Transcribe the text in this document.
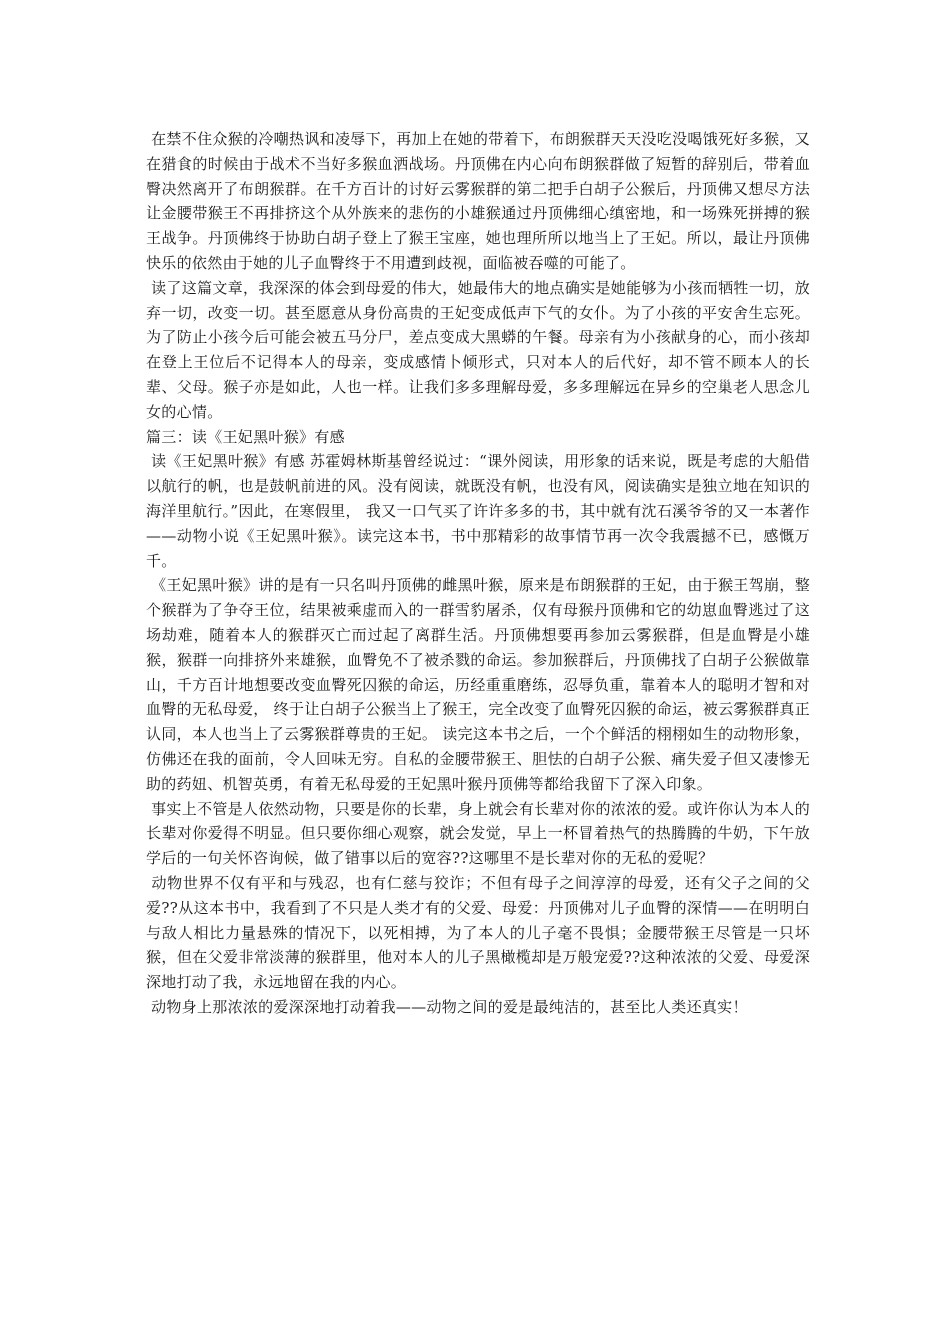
在禁不住众猴的冷嘲热讽和凌辱下，再加上在她的带着下，布朗猴群天天没吃没喝饿死好多猴，又在猎食的时候由于战术不当好多猴血洒战场。丹顶佛在内心向布朗猴群做了短暂的辞别后，带着血臀决然离开了布朗猴群。在千方百计的讨好云雾猴群的第二把手白胡子公猴后，丹顶佛又想尽方法让金腰带猴王不再排挤这个从外族来的悲伤的小雄猴通过丹顶佛细心缜密地，和一场殊死拼搏的猴王战争。丹顶佛终于协助白胡子登上了猴王宝座，她也理所所以地当上了王妃。所以，最让丹顶佛快乐的依然由于她的儿子血臀终于不用遭到歧视，面临被吞噬的可能了。

读了这篇文章，我深深的体会到母爱的伟大，她最伟大的地点确实是她能够为小孩而牺牲一切，放弃一切，改变一切。甚至愿意从身份高贵的王妃变成低声下气的女仆。为了小孩的平安舍生忘死。为了防止小孩今后可能会被五马分尸，差点变成大黑蟒的午餐。母亲有为小孩献身的心，而小孩却在登上王位后不记得本人的母亲，变成感情卜倾形式，只对本人的后代好，却不管不顾本人的长辈、父母。猴子亦是如此，人也一样。让我们多多理解母爱，多多理解远在异乡的空巢老人思念儿女的心情。

篇三：读《王妃黑叶猴》有感

读《王妃黑叶猴》有感 苏霍姆林斯基曾经说过：“课外阅读，用形象的话来说，既是考虑的大船借以航行的帆，也是鼓帆前进的风。没有阅读，就既没有帆，也没有风，阅读确实是独立地在知识的海洋里航行。”因此，在寒假里， 我又一口气买了许许多多的书，其中就有沈石溪爷爷的又一本著作——动物小说《王妃黑叶猴》。读完这本书，书中那精彩的故事情节再一次令我震撼不已，感慨万千。

《王妃黑叶猴》讲的是有一只名叫丹顶佛的雌黑叶猴，原来是布朗猴群的王妃，由于猴王驾崩，整个猴群为了争夺王位，结果被乘虚而入的一群雪豹屠杀，仅有母猴丹顶佛和它的幼崽血臀逃过了这场劫难，随着本人的猴群灭亡而过起了离群生活。丹顶佛想要再参加云雾猴群，但是血臀是小雄猴，猴群一向排挤外来雄猴，血臀免不了被杀戮的命运。参加猴群后，丹顶佛找了白胡子公猴做靠山，千方百计地想要改变血臀死囚猴的命运，历经重重磨练，忍辱负重，靠着本人的聪明才智和对血臀的无私母爱， 终于让白胡子公猴当上了猴王，完全改变了血臀死囚猴的命运，被云雾猴群真正认同，本人也当上了云雾猴群尊贵的王妃。 读完这本书之后，一个个鲜活的栩栩如生的动物形象，仿佛还在我的面前，令人回味无穷。自私的金腰带猴王、胆怯的白胡子公猴、痛失爱子但又凄惨无助的药妞、机智英勇，有着无私母爱的王妃黑叶猴丹顶佛等都给我留下了深入印象。

事实上不管是人依然动物，只要是你的长辈，身上就会有长辈对你的浓浓的爱。或许你认为本人的长辈对你爱得不明显。但只要你细心观察，就会发觉，早上一杯冒着热气的热腾腾的牛奶，下午放学后的一句关怀咨询候，做了错事以后的宽容??这哪里不是长辈对你的无私的爱呢？

动物世界不仅有平和与残忍，也有仁慈与狡诈；不但有母子之间淳淳的母爱，还有父子之间的父爱??从这本书中，我看到了不只是人类才有的父爱、母爱：丹顶佛对儿子血臀的深情——在明明白与敌人相比力量悬殊的情况下，以死相搏，为了本人的儿子毫不畏惧；金腰带猴王尽管是一只坏猴，但在父爱非常淡薄的猴群里，他对本人的儿子黑橄榄却是万般宠爱??这种浓浓的父爱、母爱深深地打动了我，永远地留在我的内心。

动物身上那浓浓的爱深深地打动着我——动物之间的爱是最纯洁的，甚至比人类还真实！
